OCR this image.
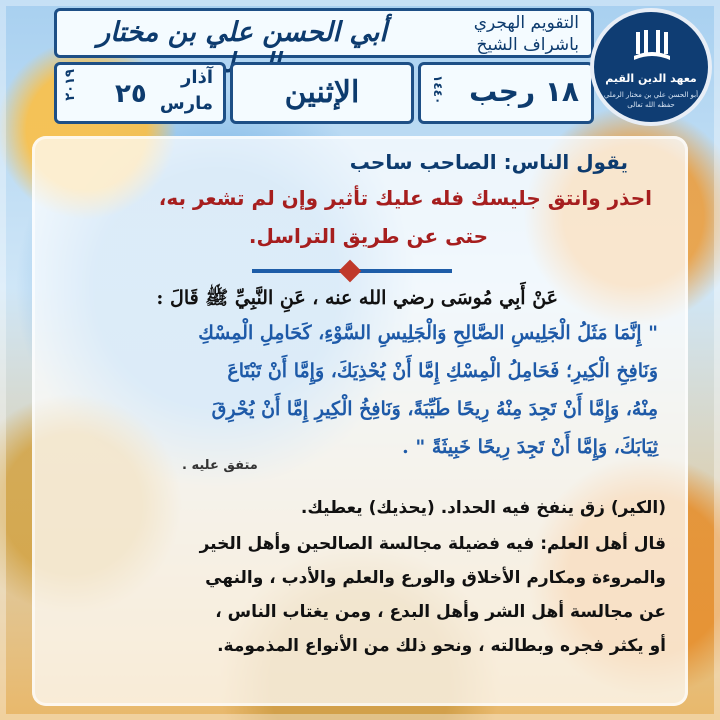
أبي الحسن علي بن مختار	التقويم الهجري
باشراف الشيخ
٢٠١٩ ٢٥
آذار
مارس	الإثنين	١٨ رجب
١٤٤٠	معهد الدين القيم
أبو الحسن علي بن مختار الرملي
حفظه الله تعالى
يقول الناس: الصاحب ساحب
احذر وانتق جليسك فله عليك تأثير وإن لم تشعر به،
حتى عن طريق التراسل.
عَنْ أَبِي مُوسَى رضي الله عنه ، عَنِ النَّبِيِّ ﷺ قَالَ :
" إِنَّمَا مَثَلُ الْجَلِيسِ الصَّالِحِ وَالْجَلِيسِ السَّوْءِ، كَحَامِلِ الْمِسْكِ
وَنَافِخِ الْكِيرِ؛ فَحَامِلُ الْمِسْكِ إِمَّا أَنْ يُحْذِيَكَ، وَإِمَّا أَنْ تَبْتَاعَ
مِنْهُ، وَإِمَّا أَنْ تَجِدَ مِنْهُ رِيحًا طَيِّبَةً، وَنَافِخُ الْكِيرِ إِمَّا أَنْ يُحْرِقَ
ثِيَابَكَ، وَإِمَّا أَنْ تَجِدَ رِيحًا خَبِيثَةً " .
متفق عليه .
(الكير) زق ينفخ فيه الحداد. (يحذيك) يعطيك.
قال أهل العلم: فيه فضيلة مجالسة الصالحين وأهل الخير
والمروءة ومكارم الأخلاق والورع والعلم والأدب ، والنهي
عن مجالسة أهل الشر وأهل البدع ، ومن يغتاب الناس ،
أو يكثر فجره وبطالته ، ونحو ذلك من الأنواع المذمومة.
